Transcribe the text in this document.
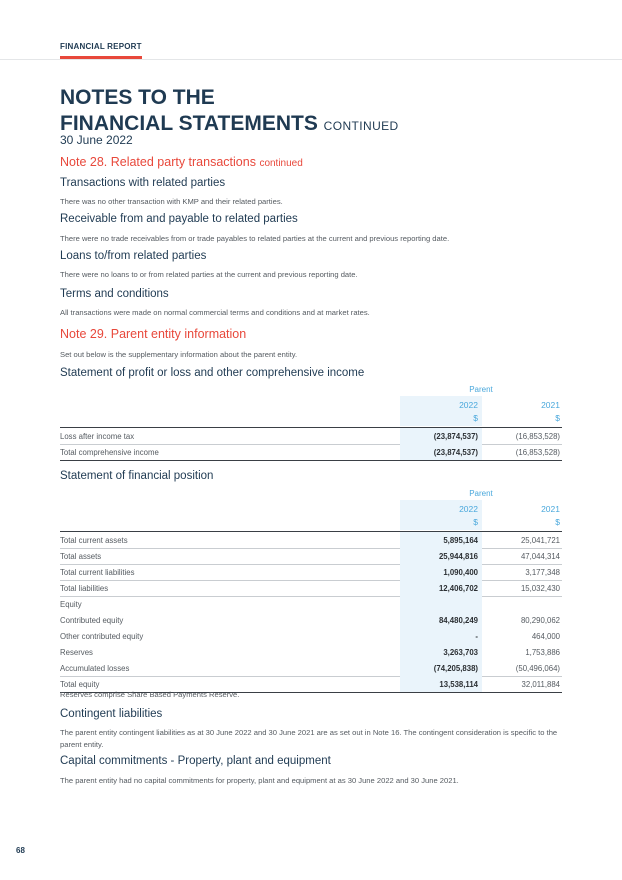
FINANCIAL REPORT
NOTES TO THE
FINANCIAL STATEMENTS CONTINUED
30 June 2022
Note 28. Related party transactions continued
Transactions with related parties
There was no other transaction with KMP and their related parties.
Receivable from and payable to related parties
There were no trade receivables from or trade payables to related parties at the current and previous reporting date.
Loans to/from related parties
There were no loans to or from related parties at the current and previous reporting date.
Terms and conditions
All transactions were made on normal commercial terms and conditions and at market rates.
Note 29. Parent entity information
Set out below is the supplementary information about the parent entity.
Statement of profit or loss and other comprehensive income
Parent
2022	2021
$	$
Loss after income tax	(23,874,537)	(16,853,528)
Total comprehensive income	(23,874,537)	(16,853,528)
Statement of financial position
Parent
2022	2021
$	$
Total current assets	5,895,164	25,041,721
Total assets	25,944,816	47,044,314
Total current liabilities	1,090,400	3,177,348
Total liabilities	12,406,702	15,032,430
Equity
Contributed equity	84,480,249	80,290,062
Other contributed equity	-	464,000
Reserves	3,263,703	1,753,886
Accumulated losses	(74,205,838)	(50,496,064)
Total equity	13,538,114	32,011,884
Reserves comprise Share Based Payments Reserve.
Contingent liabilities
The parent entity contingent liabilities as at 30 June 2022 and 30 June 2021 are as set out in Note 16. The contingent consideration is specific to the parent entity.
Capital commitments - Property, plant and equipment
The parent entity had no capital commitments for property, plant and equipment at as 30 June 2022 and 30 June 2021.
68
